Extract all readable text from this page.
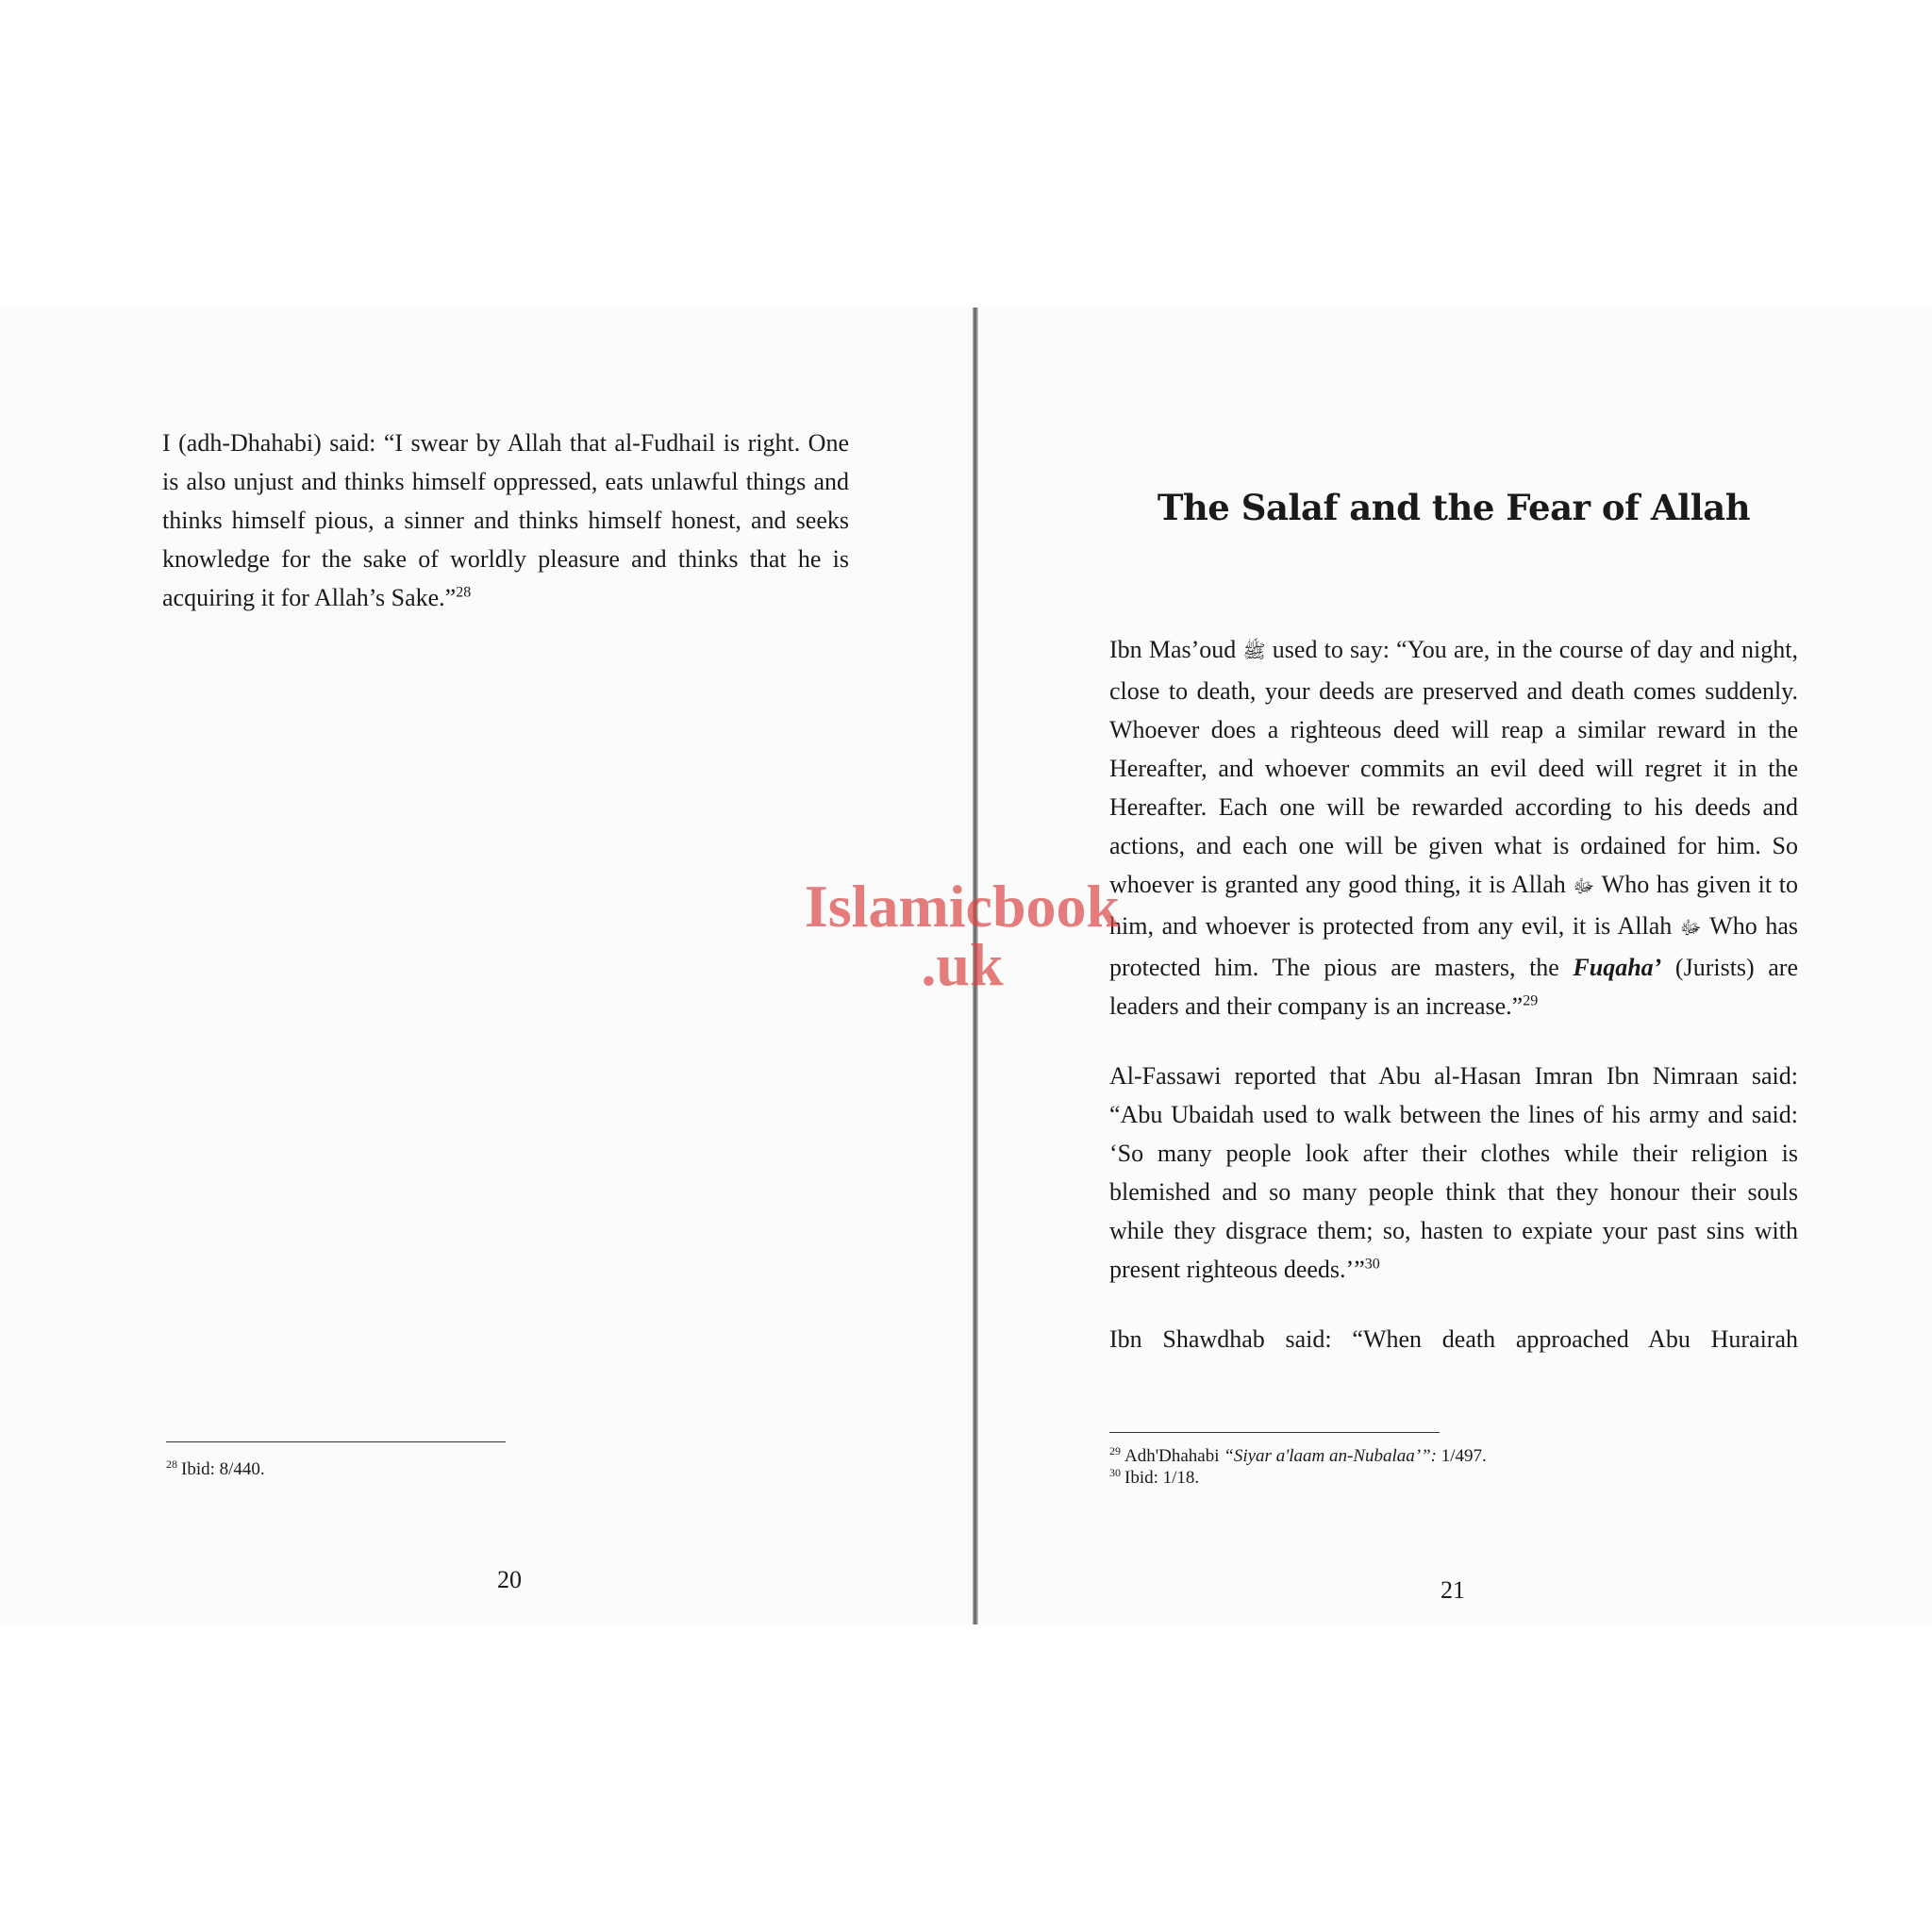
I (adh-Dhahabi) said: “I swear by Allah that al-Fudhail is right. One is also unjust and thinks himself oppressed, eats unlawful things and thinks himself pious, a sinner and thinks himself honest, and seeks knowledge for the sake of worldly pleasure and thinks that he is acquiring it for Allah’s Sake.”$^{28}$

$^{28}$ Ibid: 8/440.
20
The Salaf and the Fear of Allah

Ibn Mas’oud ﷺ used to say: “You are, in the course of day and night, close to death, your deeds are preserved and death comes suddenly. Whoever does a righteous deed will reap a similar reward in the Hereafter, and whoever commits an evil deed will regret it in the Hereafter. Each one will be rewarded according to his deeds and actions, and each one will be given what is ordained for him. So whoever is granted any good thing, it is Allah ﷻ Who has given it to him, and whoever is protected from any evil, it is Allah ﷻ Who has protected him. The pious are masters, the Fuqaha’ (Jurists) are leaders and their company is an increase.”$^{29}$

Al-Fassawi reported that Abu al-Hasan Imran Ibn Nimraan said: “Abu Ubaidah used to walk between the lines of his army and said: ‘So many people look after their clothes while their religion is blemished and so many people think that they honour their souls while they disgrace them; so, hasten to expiate your past sins with present righteous deeds.’”$^{30}$

Ibn Shawdhab said: “When death approached Abu Hurairah

$^{29}$ Adh'Dhahabi “Siyar a'laam an-Nubalaa’”: 1/497.
$^{30}$ Ibid: 1/18.
21
Islamicbook
.uk
